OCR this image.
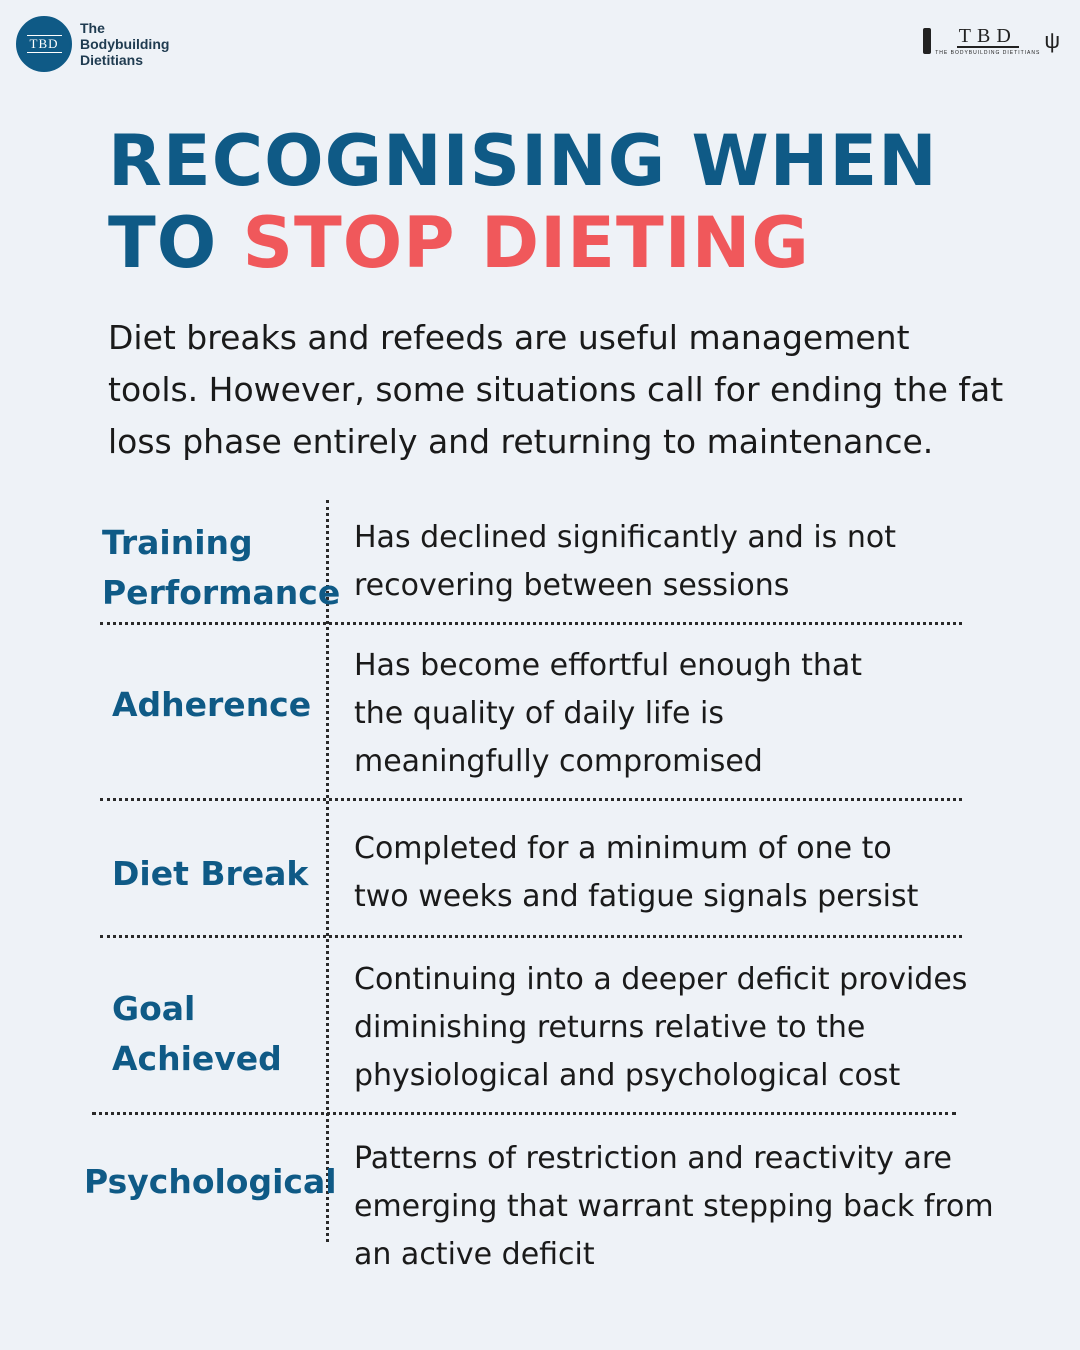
TBD
The
Bodybuilding
Dietitians
TBD
THE BODYBUILDING DIETITIANS ψ
RECOGNISING WHEN
TO STOP DIETING

Diet breaks and refeeds are useful management tools. However, some situations call for ending the fat loss phase entirely and returning to maintenance.

Training Performance
Has declined significantly and is not recovering between sessions
Adherence
Has become effortful enough that the quality of daily life is meaningfully compromised
Diet Break
Completed for a minimum of one to two weeks and fatigue signals persist
Goal Achieved
Continuing into a deeper deficit provides diminishing returns relative to the physiological and psychological cost
Psychological
Patterns of restriction and reactivity are emerging that warrant stepping back from an active deficit
